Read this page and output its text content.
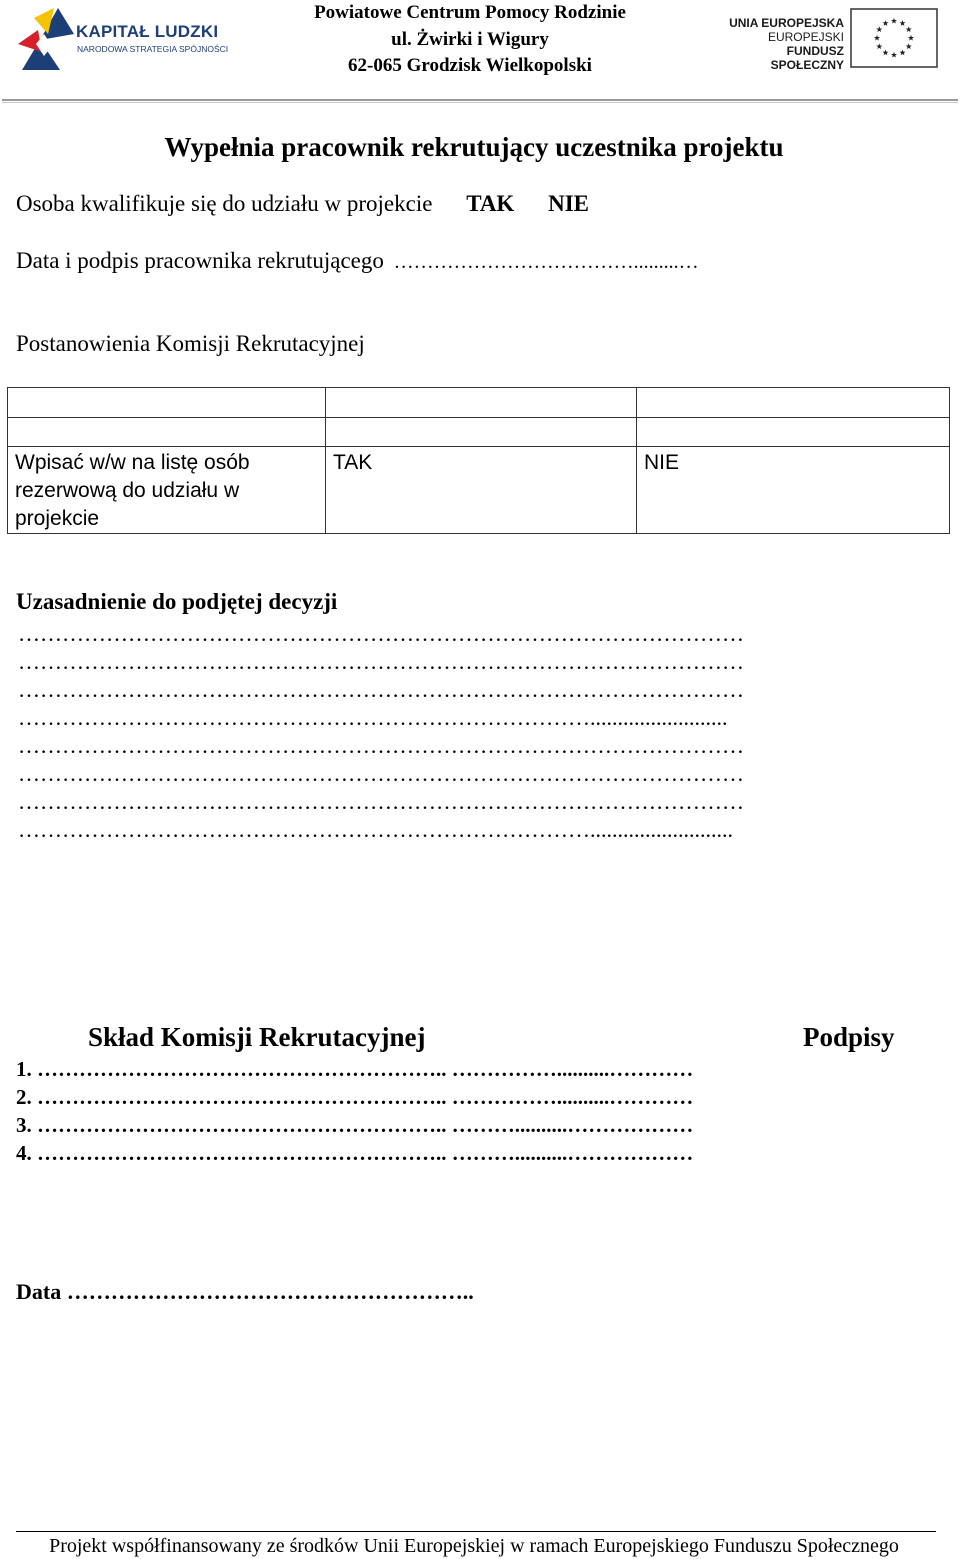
KAPITAŁ LUDZKI
NARODOWA STRATEGIA SPÓJNOŚCI
Powiatowe Centrum Pomocy Rodzinie
ul. Żwirki i Wigury
62-065 Grodzisk Wielkopolski
UNIA EUROPEJSKA
EUROPEJSKI
FUNDUSZ SPOŁECZNY
Wypełnia pracownik rekrutujący uczestnika projektu
Osoba kwalifikuje się do udziału w projekcie TAK NIE
Data i podpis pracownika rekrutującego ……………………………….........…
Postanowienia Komisji Rekrutacyjnej

Wpisać w/w na listę osób rezerwową do udziału w projekcie	TAK	NIE
Uzasadnienie do podjętej decyzji
………………………………………………………………………………………
………………………………………………………………………………………
………………………………………………………………………………………
…………………………………………………………………….........................
………………………………………………………………………………………
………………………………………………………………………………………
………………………………………………………………………………………
……………………………………………………………………..........................
Skład Komisji Rekrutacyjnej	Podpisy
1. ………………………………………………….. ……………..........…………
2. ………………………………………………….. ……………..........…………
3. ………………………………………………….. ………..........………………
4. ………………………………………………….. ………..........………………
Data ………………………………………………..
Projekt współfinansowany ze środków Unii Europejskiej w ramach Europejskiego Funduszu Społecznego
